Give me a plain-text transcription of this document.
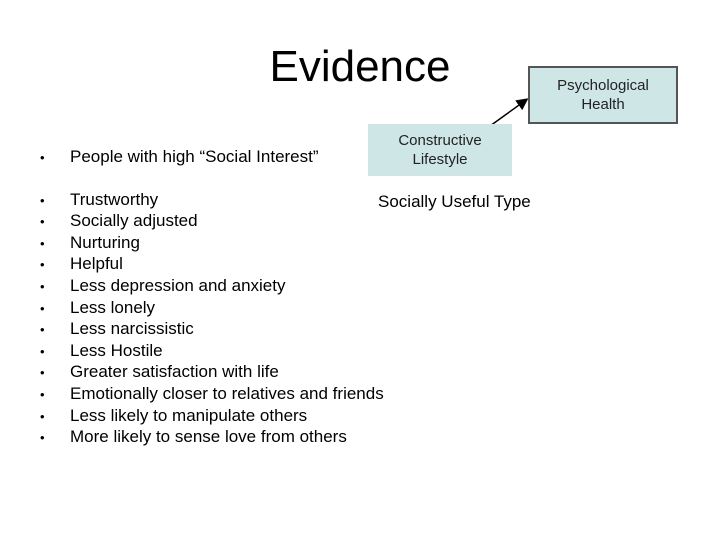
Evidence	Psychological Health
Constructive Lifestyle
Socially Useful Type
•	People with high “Social Interest”
•	Trustworthy
•	Socially adjusted
•	Nurturing
•	Helpful
•	Less depression and anxiety
•	Less lonely
•	Less narcissistic
•	Less Hostile
•	Greater satisfaction with life
•	Emotionally closer to relatives and friends
•	Less likely to manipulate others
•	More likely to sense love from others
